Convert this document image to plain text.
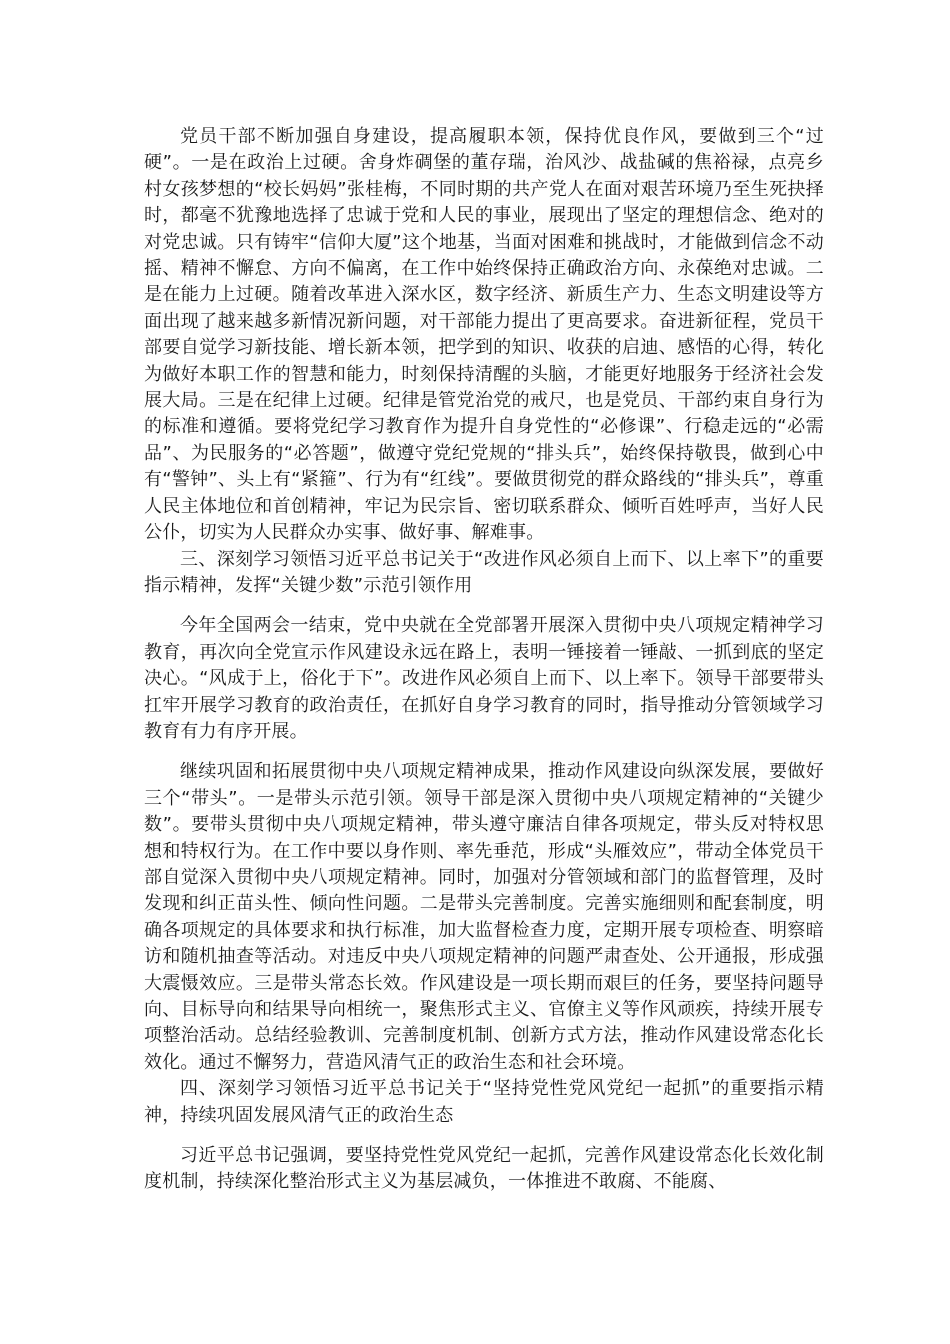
党员干部不断加强自身建设，提高履职本领，保持优良作风，要做到三个“过硬”。一是在政治上过硬。舍身炸碉堡的董存瑞，治风沙、战盐碱的焦裕禄，点亮乡村女孩梦想的“校长妈妈”张桂梅，不同时期的共产党人在面对艰苦环境乃至生死抉择时，都毫不犹豫地选择了忠诚于党和人民的事业，展现出了坚定的理想信念、绝对的对党忠诚。只有铸牢“信仰大厦”这个地基，当面对困难和挑战时，才能做到信念不动摇、精神不懈怠、方向不偏离，在工作中始终保持正确政治方向、永葆绝对忠诚。二是在能力上过硬。随着改革进入深水区，数字经济、新质生产力、生态文明建设等方面出现了越来越多新情况新问题，对干部能力提出了更高要求。奋进新征程，党员干部要自觉学习新技能、增长新本领，把学到的知识、收获的启迪、感悟的心得，转化为做好本职工作的智慧和能力，时刻保持清醒的头脑，才能更好地服务于经济社会发展大局。三是在纪律上过硬。纪律是管党治党的戒尺，也是党员、干部约束自身行为的标准和遵循。要将党纪学习教育作为提升自身党性的“必修课”、行稳走远的“必需品”、为民服务的“必答题”，做遵守党纪党规的“排头兵”，始终保持敬畏，做到心中有“警钟”、头上有“紧箍”、行为有“红线”。要做贯彻党的群众路线的“排头兵”，尊重人民主体地位和首创精神，牢记为民宗旨、密切联系群众、倾听百姓呼声，当好人民公仆，切实为人民群众办实事、做好事、解难事。

三、深刻学习领悟习近平总书记关于“改进作风必须自上而下、以上率下”的重要指示精神，发挥“关键少数”示范引领作用

今年全国两会一结束，党中央就在全党部署开展深入贯彻中央八项规定精神学习教育，再次向全党宣示作风建设永远在路上，表明一锤接着一锤敲、一抓到底的坚定决心。“风成于上，俗化于下”。改进作风必须自上而下、以上率下。领导干部要带头扛牢开展学习教育的政治责任，在抓好自身学习教育的同时，指导推动分管领域学习教育有力有序开展。

继续巩固和拓展贯彻中央八项规定精神成果，推动作风建设向纵深发展，要做好三个“带头”。一是带头示范引领。领导干部是深入贯彻中央八项规定精神的“关键少数”。要带头贯彻中央八项规定精神，带头遵守廉洁自律各项规定，带头反对特权思想和特权行为。在工作中要以身作则、率先垂范，形成“头雁效应”，带动全体党员干部自觉深入贯彻中央八项规定精神。同时，加强对分管领域和部门的监督管理，及时发现和纠正苗头性、倾向性问题。二是带头完善制度。完善实施细则和配套制度，明确各项规定的具体要求和执行标准，加大监督检查力度，定期开展专项检查、明察暗访和随机抽查等活动。对违反中央八项规定精神的问题严肃查处、公开通报，形成强大震慑效应。三是带头常态长效。作风建设是一项长期而艰巨的任务，要坚持问题导向、目标导向和结果导向相统一，聚焦形式主义、官僚主义等作风顽疾，持续开展专项整治活动。总结经验教训、完善制度机制、创新方式方法，推动作风建设常态化长效化。通过不懈努力，营造风清气正的政治生态和社会环境。

四、深刻学习领悟习近平总书记关于“坚持党性党风党纪一起抓”的重要指示精神，持续巩固发展风清气正的政治生态

习近平总书记强调，要坚持党性党风党纪一起抓，完善作风建设常态化长效化制度机制，持续深化整治形式主义为基层减负，一体推进不敢腐、不能腐、
